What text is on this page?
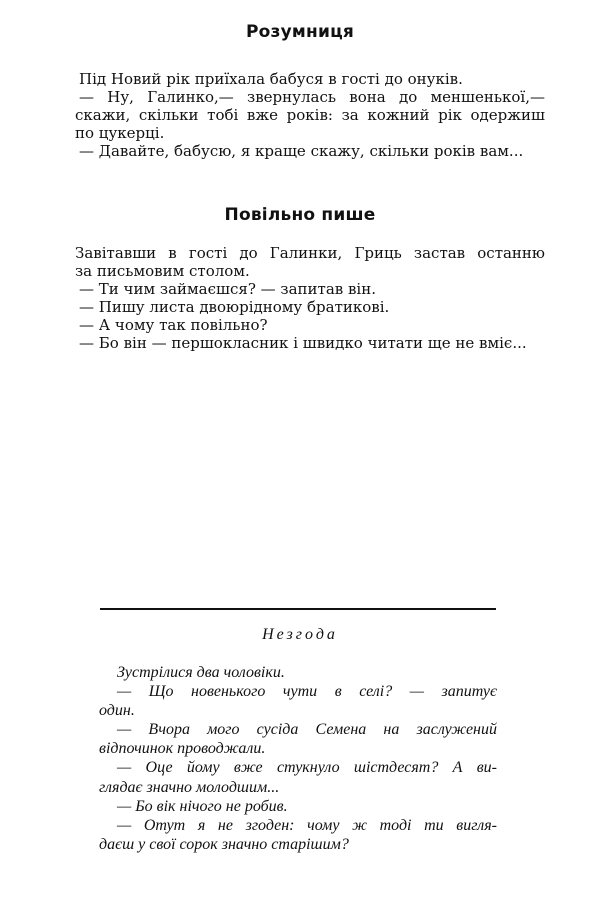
Розумниця
Під Новий рік приїхала бабуся в гості до онуків.
— Ну, Галинко,— звернулась вона до меншенької,—
скажи, скільки тобі вже років: за кожний рік одержиш
по цукерці.
— Давайте, бабусю, я краще скажу, скільки років вам...
Повільно пише
Завітавши в гості до Галинки, Гриць застав останню
за письмовим столом.
— Ти чим займаєшся? — запитав він.
— Пишу листа двоюрідному братикові.
— А чому так повільно?
— Бо він — першокласник і швидко читати ще не вміє...
Незгода
Зустрілися два чоловіки.
— Що новенького чути в селі? — запитує
один.
— Вчора мого сусіда Семена на заслужений
відпочинок проводжали.
— Оце йому вже стукнуло шістдесят? А ви-
глядає значно молодшим...
— Бо вік нічого не робив.
— Отут я не згоден: чому ж тоді ти вигля-
даєш у свої сорок значно старішим?
